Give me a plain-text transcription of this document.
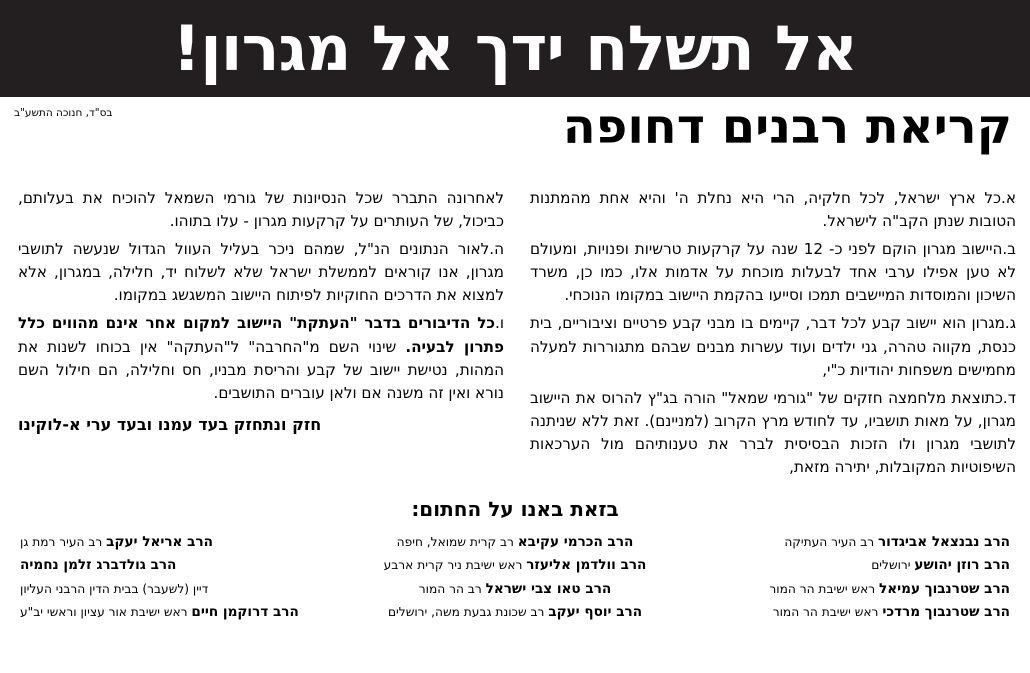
אל תשלח ידך אל מגרון!
קריאת רבנים דחופה
בס"ד, חנוכה התשע"ב

א.כל ארץ ישראל, לכל חלקיה, הרי היא נחלת ה' והיא אחת מהמתנות הטובות שנתן הקב"ה לישראל.

ב.היישוב מגרון הוקם לפני כ- 12 שנה על קרקעות טרשיות ופנויות, ומעולם לא טען אפילו ערבי אחד לבעלות מוכחת על אדמות אלו, כמו כן, משרד השיכון והמוסדות המיישבים תמכו וסייעו בהקמת היישוב במקומו הנוכחי.

ג.מגרון הוא יישוב קבע לכל דבר, קיימים בו מבני קבע פרטיים וציבוריים, בית כנסת, מקווה טהרה, גני ילדים ועוד עשרות מבנים שבהם מתגוררות למעלה מחמישים משפחות יהודיות כ"י,

ד.כתוצאת מלחמצה חזקים של "גורמי שמאל" הורה בג"ץ להרוס את היישוב מגרון, על מאות תושביו, עד לחודש מרץ הקרוב (למניינם). זאת ללא שניתנה לתושבי מגרון ולו הזכות הבסיסית לברר את טענותיהם מול הערכאות השיפוטיות המקובלות, יתירה מזאת,

לאחרונה התברר שכל הנסיונות של גורמי השמאל להוכיח את בעלותם, כביכול, של העותרים על קרקעות מגרון - עלו בתוהו.

ה.לאור הנתונים הנ"ל, שמהם ניכר בעליל העוול הגדול שנעשה לתושבי מגרון, אנו קוראים לממשלת ישראל שלא לשלוח יד, חלילה, במגרון, אלא למצוא את הדרכים החוקיות לפיתוח היישוב המשגשג במקומו.

ו.כל הדיבורים בדבר "העתקת" היישוב למקום אחר אינם מהווים כלל פתרון לבעיה. שינוי השם מ"החרבה" ל"העתקה" אין בכוחו לשנות את המהות, נטישת יישוב של קבע והריסת מבניו, חס וחלילה, הם חילול השם נורא ואין זה משנה אם ולאן עוברים התושבים.

חזק ונתחזק בעד עמנו ובעד ערי א-לוקינו
בזאת באנו על החתום:
הרב נבנצאל אביגדור רב העיר העתיקה
הרב רוזן יהושע ירושלים
הרב שטרנבוך עמיאל ראש ישיבת הר המור
הרב שטרנבוך מרדכי ראש ישיבת הר המור
הרב הכרמי עקיבא רב קרית שמואל, חיפה
הרב וולדמן אליעזר ראש ישיבת ניר קרית ארבע
הרב טאו צבי ישראל רב הר המור
הרב יוסף יעקב רב שכונת גבעת משה, ירושלים
הרב אריאל יעקב רב העיר רמת גן
הרב גולדברג זלמן נחמיה
דיין (לשעבר) בבית הדין הרבני העליון
הרב דרוקמן חיים ראש ישיבת אור עציון וראשי יב"ע
